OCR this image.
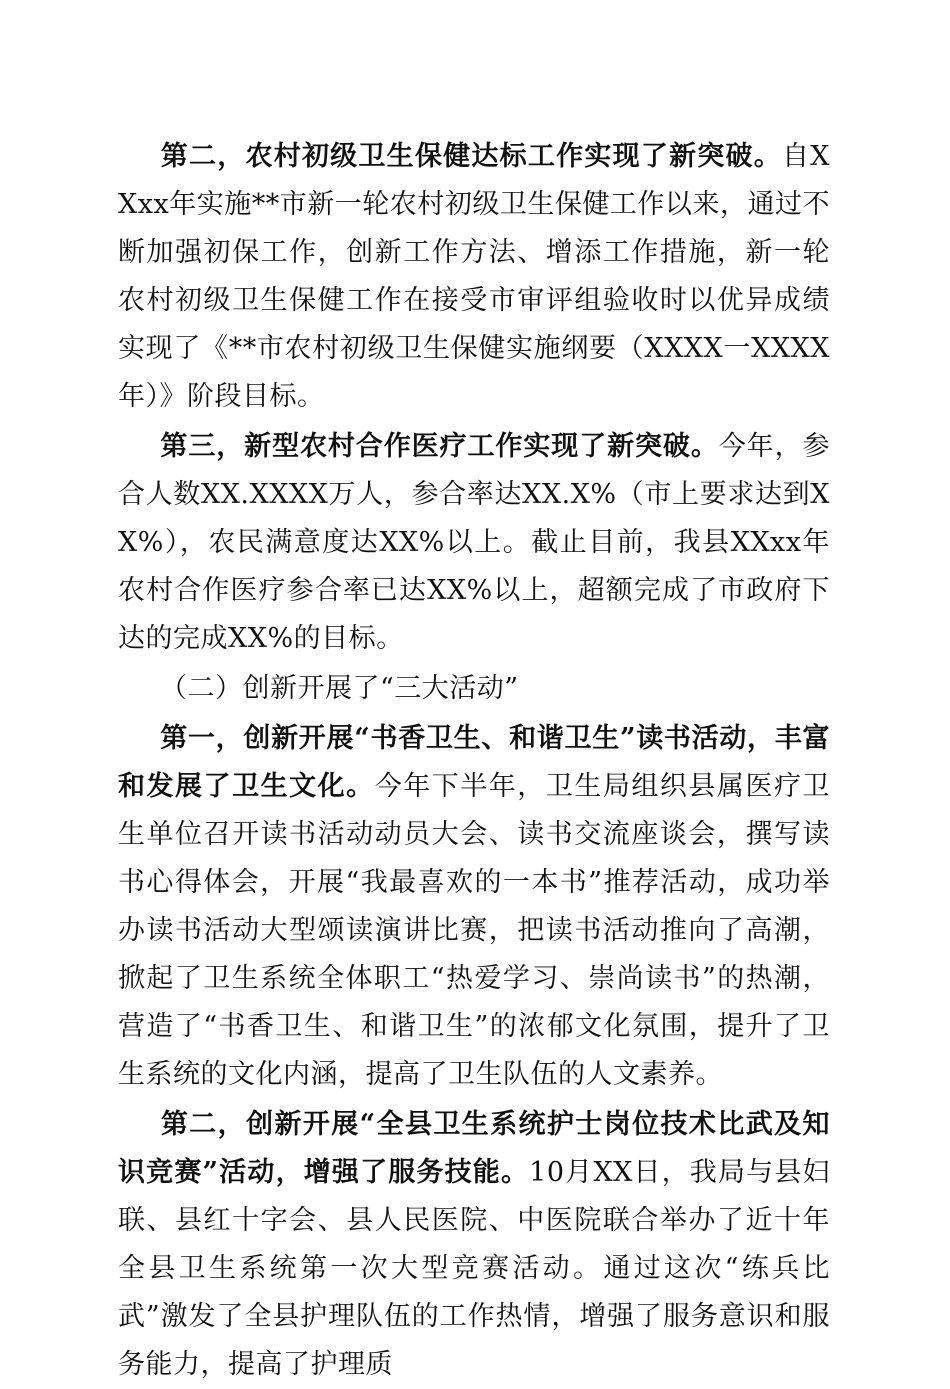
第二，农村初级卫生保健达标工作实现了新突破。自XXxx年实施**市新一轮农村初级卫生保健工作以来，通过不断加强初保工作，创新工作方法、增添工作措施，新一轮农村初级卫生保健工作在接受市审评组验收时以优异成绩实现了《**市农村初级卫生保健实施纲要（XXXX一XXXX年）》阶段目标。

第三，新型农村合作医疗工作实现了新突破。今年，参合人数XX.XXXX万人，参合率达XX.X%（市上要求达到XX%），农民满意度达XX%以上。截止目前，我县XXxx年农村合作医疗参合率已达XX%以上，超额完成了市政府下达的完成XX%的目标。

（二）创新开展了“三大活动”

第一，创新开展“书香卫生、和谐卫生”读书活动，丰富和发展了卫生文化。今年下半年，卫生局组织县属医疗卫生单位召开读书活动动员大会、读书交流座谈会，撰写读书心得体会，开展“我最喜欢的一本书”推荐活动，成功举办读书活动大型颂读演讲比赛，把读书活动推向了高潮，掀起了卫生系统全体职工“热爱学习、崇尚读书”的热潮，营造了“书香卫生、和谐卫生”的浓郁文化氛围，提升了卫生系统的文化内涵，提高了卫生队伍的人文素养。

第二，创新开展“全县卫生系统护士岗位技术比武及知识竞赛”活动，增强了服务技能。10月XX日，我局与县妇联、县红十字会、县人民医院、中医院联合举办了近十年全县卫生系统第一次大型竞赛活动。通过这次“练兵比武”激发了全县护理队伍的工作热情，增强了服务意识和服务能力，提高了护理质
